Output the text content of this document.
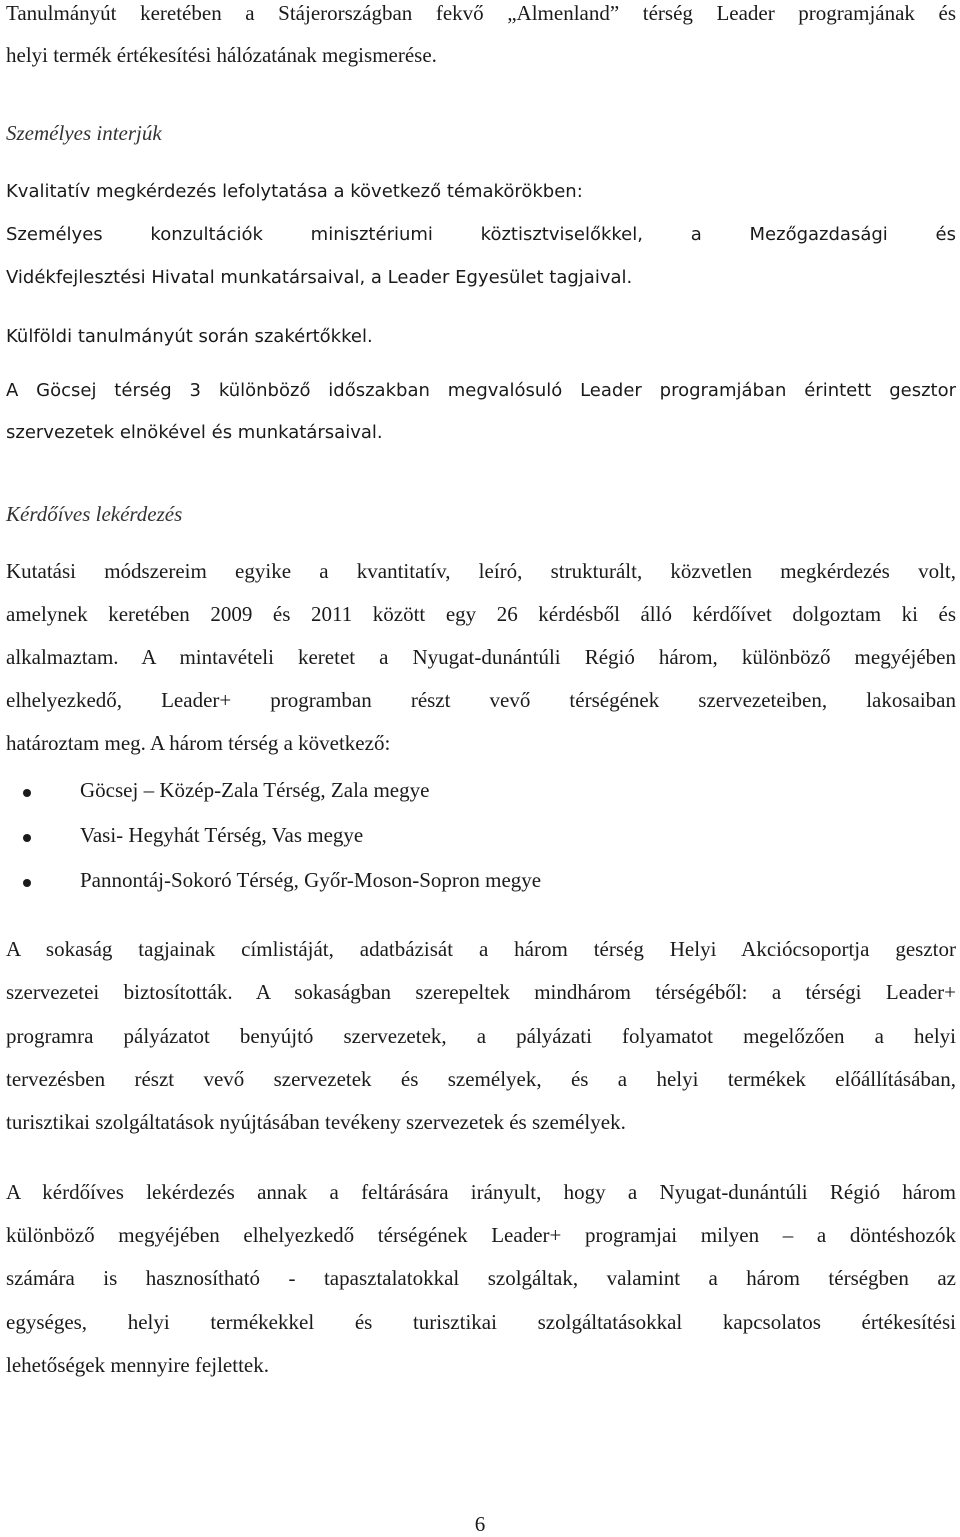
Tanulmányút keretében a Stájerországban fekvő „Almenland” térség Leader programjának és
helyi termék értékesítési hálózatának megismerése.
Személyes interjúk
Kvalitatív megkérdezés lefolytatása a következő témakörökben:
Személyes konzultációk minisztériumi köztisztviselőkkel, a Mezőgazdasági és
Vidékfejlesztési Hivatal munkatársaival, a Leader Egyesület tagjaival.
Külföldi tanulmányút során szakértőkkel.
A Göcsej térség 3 különböző időszakban megvalósuló Leader programjában érintett gesztor
szervezetek elnökével és munkatársaival.
Kérdőíves lekérdezés
Kutatási módszereim egyike a kvantitatív, leíró, strukturált, közvetlen megkérdezés volt,
amelynek keretében 2009 és 2011 között egy 26 kérdésből álló kérdőívet dolgoztam ki és
alkalmaztam. A mintavételi keretet a Nyugat-dunántúli Régió három, különböző megyéjében
elhelyezkedő, Leader+ programban részt vevő térségének szervezeteiben, lakosaiban
határoztam meg. A három térség a következő:
Göcsej – Közép-Zala Térség, Zala megye
Vasi- Hegyhát Térség, Vas megye
Pannontáj-Sokoró Térség, Győr-Moson-Sopron megye
A sokaság tagjainak címlistáját, adatbázisát a három térség Helyi Akciócsoportja gesztor
szervezetei biztosították. A sokaságban szerepeltek mindhárom térségéből: a térségi Leader+
programra pályázatot benyújtó szervezetek, a pályázati folyamatot megelőzően a helyi
tervezésben részt vevő szervezetek és személyek, és a helyi termékek előállításában,
turisztikai szolgáltatások nyújtásában tevékeny szervezetek és személyek.
A kérdőíves lekérdezés annak a feltárására irányult, hogy a Nyugat-dunántúli Régió három
különböző megyéjében elhelyezkedő térségének Leader+ programjai milyen – a döntéshozók
számára is hasznosítható - tapasztalatokkal szolgáltak, valamint a három térségben az
egységes, helyi termékekkel és turisztikai szolgáltatásokkal kapcsolatos értékesítési
lehetőségek mennyire fejlettek.
6
